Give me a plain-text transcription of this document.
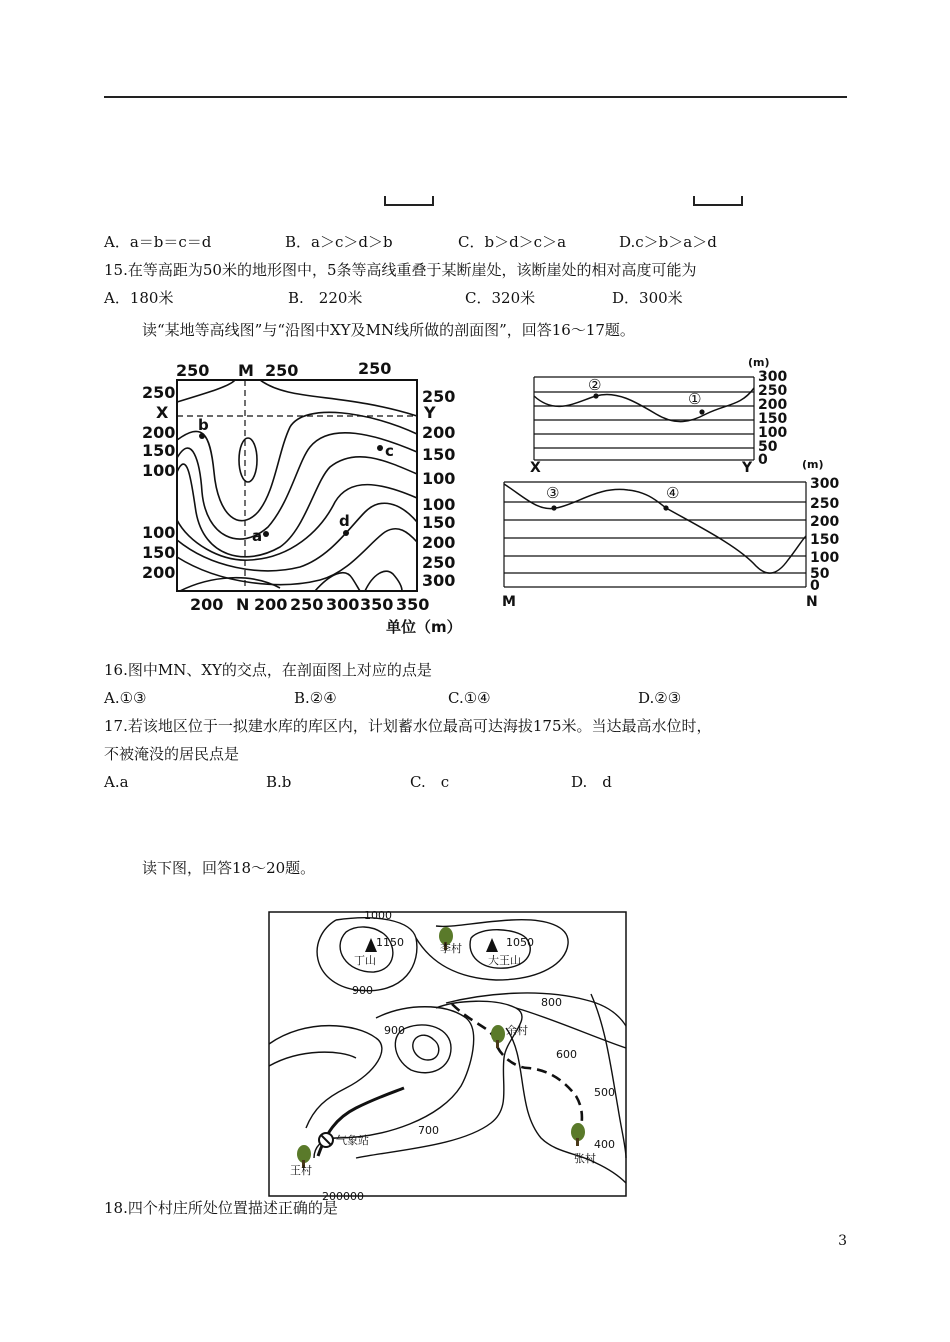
A．a＝b＝c＝d	B．a＞c＞d＞b	C．b＞d＞c＞a	D.c＞b＞a＞d
15.在等高距为50米的地形图中，5条等高线重叠于某断崖处，该断崖处的相对高度可能为
A．180米	B.　220米	C．320米	D．300米
读“某地等高线图”与“沿图中XY及MN线所做的剖面图”，回答16～17题。
250 M 250	250
250
X
200
150
100
100
150
200
250
Y
200
150
100
100
150
200
250
300
200 N 200 250 300 350 350
单位（m）
a
b
c
d
②
①
(m)
300
250
200
150
100
50
0
X	Y
③	④
(m)
300
250
200
150
100
50
0
M	N
16.图中MN、XY的交点，在剖面图上对应的点是
A.①③	B.②④	C.①④	D.②③
17.若该地区位于一拟建水库的库区内，计划蓄水位最高可达海拔175米。当达最高水位时，
不被淹没的居民点是
A.a	B.b	C.　c	D.　d
读下图，回答18～20题。
1000
1150
900
1050
800
900
600
500
700
400
丁山	大王山
李村
余村
张村
王村
气象站
200000
18.四个村庄所处位置描述正确的是
3
